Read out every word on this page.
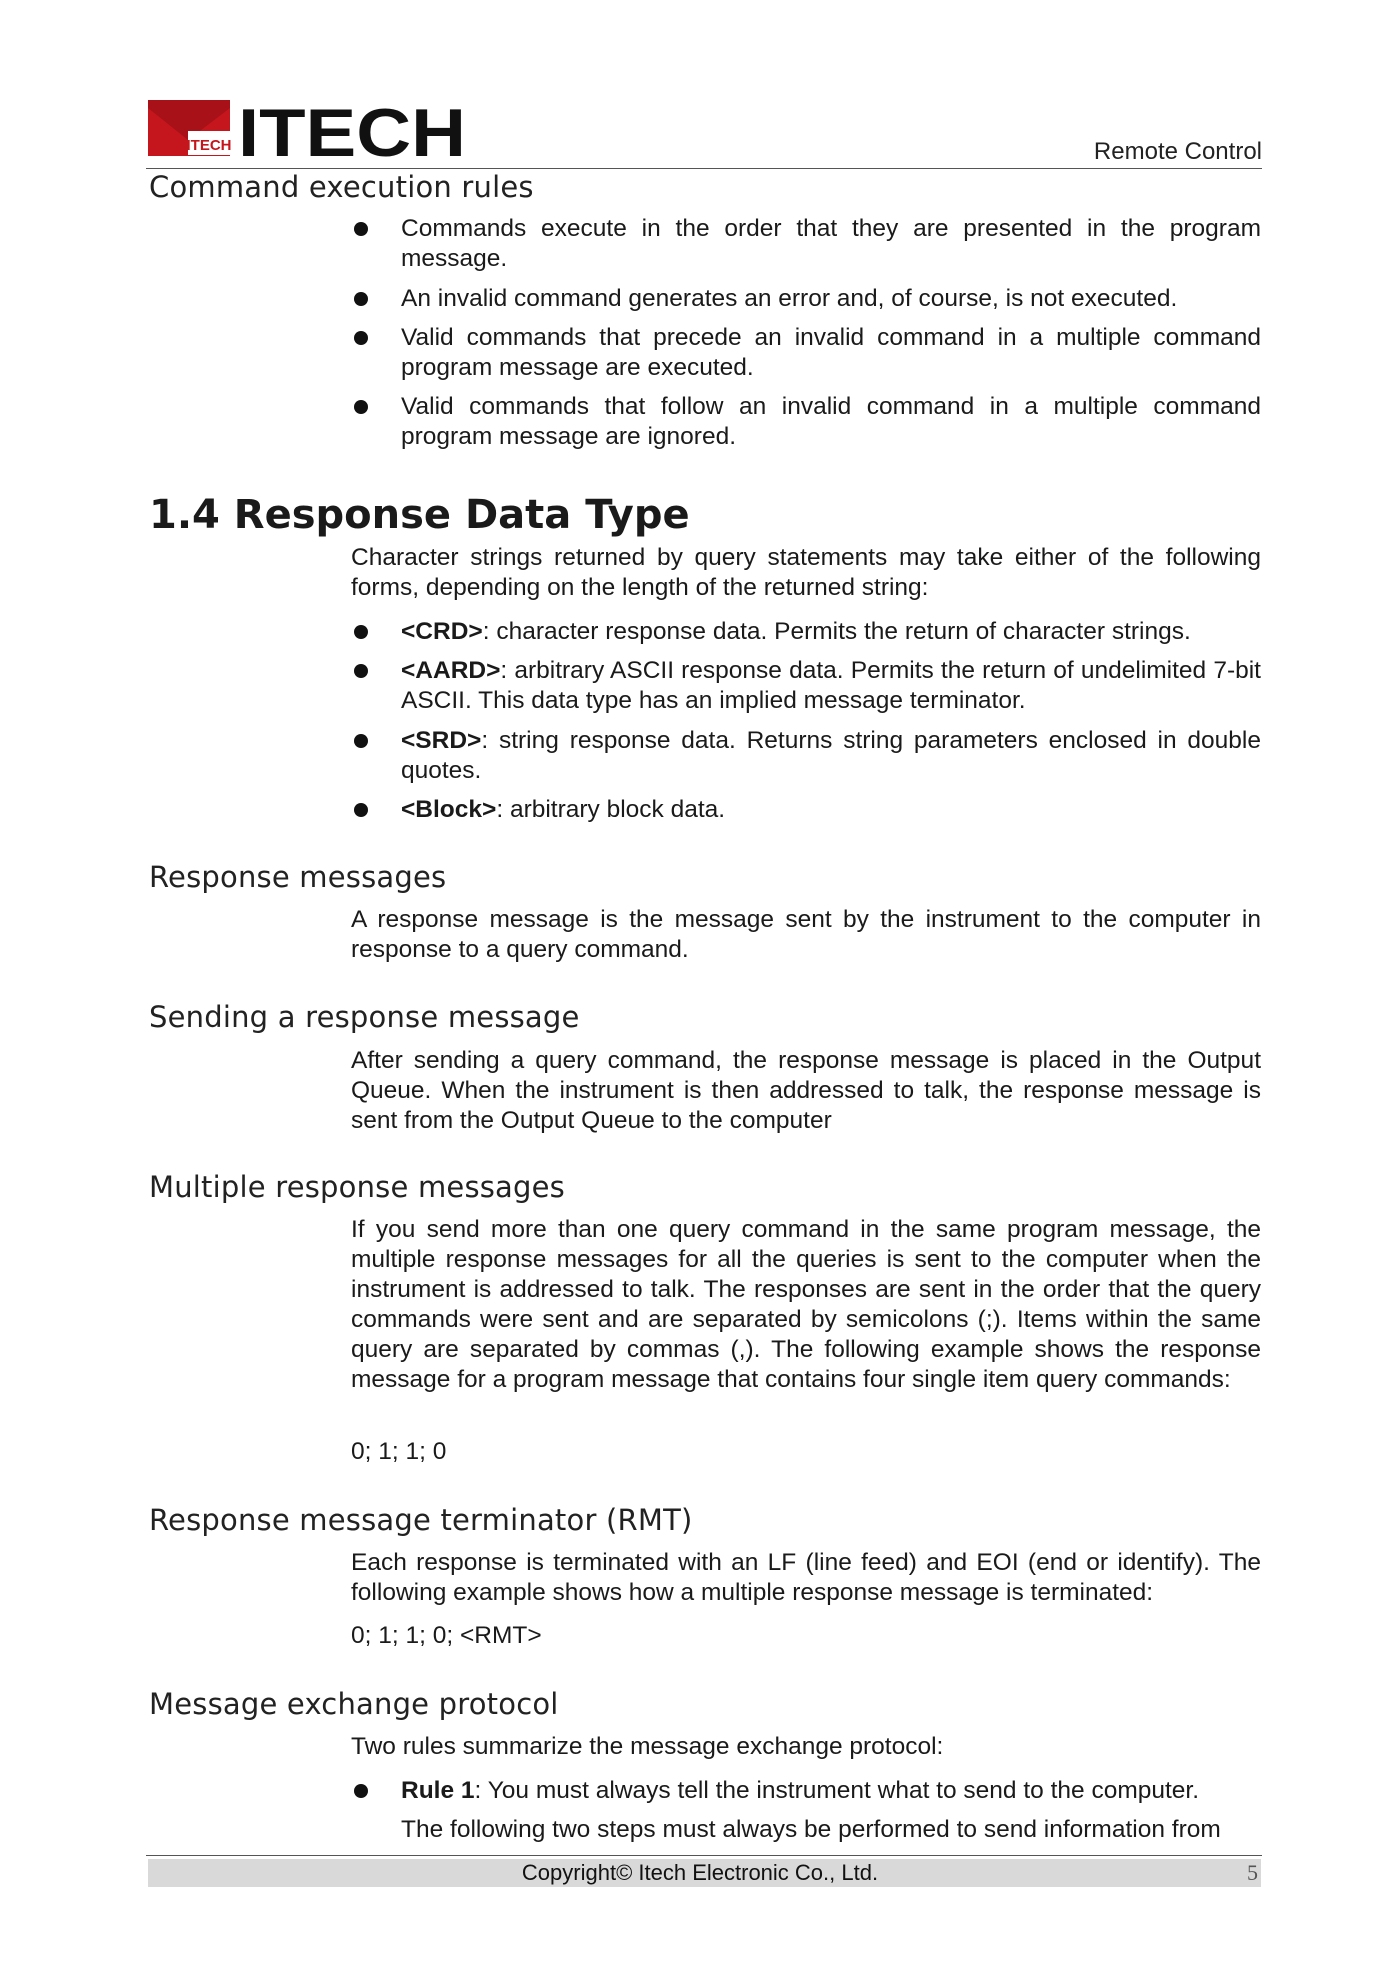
ITECH ITECH	Remote Control
Command execution rules
Commands execute in the order that they are presented in the program message.
An invalid command generates an error and, of course, is not executed.
Valid commands that precede an invalid command in a multiple command program message are executed.
Valid commands that follow an invalid command in a multiple command program message are ignored.
1.4 Response Data Type
Character strings returned by query statements may take either of the following forms, depending on the length of the returned string:
<CRD>: character response data. Permits the return of character strings.
<AARD>: arbitrary ASCII response data. Permits the return of undelimited 7-bit ASCII. This data type has an implied message terminator.
<SRD>: string response data. Returns string parameters enclosed in double quotes.
<Block>: arbitrary block data.
Response messages
A response message is the message sent by the instrument to the computer in response to a query command.
Sending a response message
After sending a query command, the response message is placed in the Output Queue. When the instrument is then addressed to talk, the response message is sent from the Output Queue to the computer
Multiple response messages
If you send more than one query command in the same program message, the multiple response messages for all the queries is sent to the computer when the instrument is addressed to talk. The responses are sent in the order that the query commands were sent and are separated by semicolons (;). Items within the same query are separated by commas (,). The following example shows the response message for a program message that contains four single item query commands:
0; 1; 1; 0
Response message terminator (RMT)
Each response is terminated with an LF (line feed) and EOI (end or identify). The following example shows how a multiple response message is terminated:
0; 1; 1; 0; <RMT>
Message exchange protocol
Two rules summarize the message exchange protocol:
Rule 1: You must always tell the instrument what to send to the computer.
The following two steps must always be performed to send information from
Copyright© Itech Electronic Co., Ltd.	5
